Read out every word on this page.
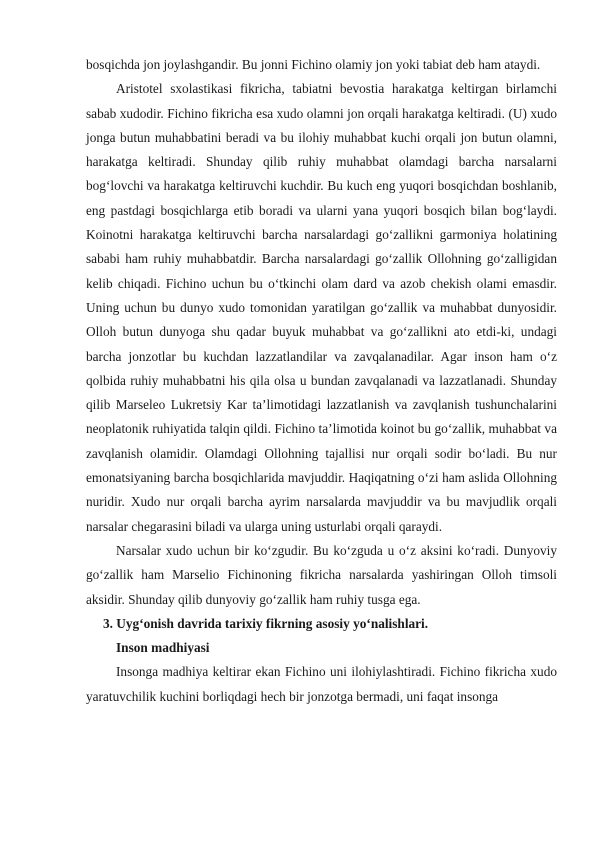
bosqichda jon joylashgandir. Bu jonni Fichino olamiy jon yoki tabiat deb ham ataydi.

Aristotel sxolastikasi fikricha, tabiatni bevostia harakatga keltirgan birlamchi sabab xudodir. Fichino fikricha esa xudo olamni jon orqali harakatga keltiradi. (U) xudo jonga butun muhabbatini beradi va bu ilohiy muhabbat kuchi orqali jon butun olamni, harakatga keltiradi. Shunday qilib ruhiy muhabbat olamdagi barcha narsalarni bog‘lovchi va harakatga keltiruvchi kuchdir. Bu kuch eng yuqori bosqichdan boshlanib, eng pastdagi bosqichlarga etib boradi va ularni yana yuqori bosqich bilan bog‘laydi. Koinotni harakatga keltiruvchi barcha narsalardagi go‘zallikni garmoniya holatining sababi ham ruhiy muhabbatdir. Barcha narsalardagi go‘zallik Ollohning go‘zalligidan kelib chiqadi. Fichino uchun bu o‘tkinchi olam dard va azob chekish olami emasdir. Uning uchun bu dunyo xudo tomonidan yaratilgan go‘zallik va muhabbat dunyosidir. Olloh butun dunyoga shu qadar buyuk muhabbat va go‘zallikni ato etdi-ki, undagi barcha jonzotlar bu kuchdan lazzatlandilar va zavqalanadilar. Agar inson ham o‘z qolbida ruhiy muhabbatni his qila olsa u bundan zavqalanadi va lazzatlanadi. Shunday qilib Marseleo Lukretsiy Kar ta’limotidagi lazzatlanish va zavqlanish tushunchalarini neoplatonik ruhiyatida talqin qildi. Fichino ta’limotida koinot bu go‘zallik, muhabbat va zavqlanish olamidir. Olamdagi Ollohning tajallisi nur orqali sodir bo‘ladi. Bu nur emonatsiyaning barcha bosqichlarida mavjuddir. Haqiqatning o‘zi ham aslida Ollohning nuridir. Xudo nur orqali barcha ayrim narsalarda mavjuddir va bu mavjudlik orqali narsalar chegarasini biladi va ularga uning usturlabi orqali qaraydi.

Narsalar xudo uchun bir ko‘zgudir. Bu ko‘zguda u o‘z aksini ko‘radi. Dunyoviy go‘zallik ham Marselio Fichinoning fikricha narsalarda yashiringan Olloh timsoli aksidir. Shunday qilib dunyoviy go‘zallik ham ruhiy tusga ega.

3. Uyg‘onish davrida tarixiy fikrning asosiy yo‘nalishlari.

Inson madhiyasi

Insonga madhiya keltirar ekan Fichino uni ilohiylashtiradi. Fichino fikricha xudo yaratuvchilik kuchini borliqdagi hech bir jonzotga bermadi, uni faqat insonga
